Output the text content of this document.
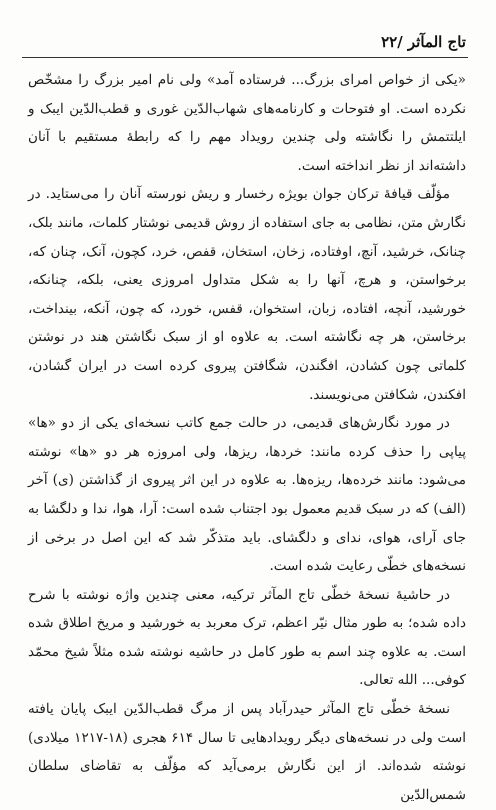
تاج المآثر /۲۲

«یکی از خواص امرای بزرگ... فرستاده آمد» ولی نام امیر بزرگ را مشخّص نکرده است. او فتوحات و کارنامه‌های شهاب‌الدّین غوری و قطب‌الدّین ایبک و ایلتتمش را نگاشته ولی چندین رویداد مهم را که رابطهٔ مستقیم با آنان داشته‌اند از نظر انداخته است.

مؤلّف قیافهٔ ترکان جوان بویژه رخسار و ریش نورسته آنان را می‌ستاید. در نگارش متن، نظامی به جای استفاده از روش قدیمی نوشتار کلمات، مانند بلک، چنانک، خرشید، آنچ، اوفتاده، زخان، استخان، قفص، خرد، کچون، آنک، چنان که، برخواستن، و هرچ، آنها را به شکل متداول امروزی یعنی، بلکه، چنانکه، خورشید، آنچه، افتاده، زبان، استخوان، قفس، خورد، که چون، آنکه، بینداخت، برخاستن، هر چه نگاشته است. به علاوه او از سبک نگاشتن هند در نوشتن کلماتی چون کشادن، افگندن، شگافتن پیروی کرده است در ایران گشادن، افکندن، شکافتن می‌نویسند.

در مورد نگارش‌های قدیمی، در حالت جمع کاتب نسخه‌ای یکی از دو «ها» پیاپی را حذف کرده مانند: خردها، ریزها، ولی امروزه هر دو «ها» نوشته می‌شود: مانند خرده‌ها، ریزه‌ها. به علاوه در این اثر پیروی از گذاشتن (ی) آخر (الف) که در سبک قدیم معمول بود اجتناب شده است: آرا، هوا، ندا و دلگشا به جای آرای، هوای، ندای و دلگشای. باید متذکّر شد که این اصل در برخی از نسخه‌های خطّی رعایت شده است.

در حاشیهٔ نسخهٔ خطّی تاج المآثر ترکیه، معنی چندین واژه نوشته با شرح داده شده؛ به طور مثال نیّر اعظم، ترک معربد به خورشید و مریخ اطلاق شده است. به علاوه چند اسم به طور کامل در حاشیه نوشته شده مثلاً شیخ محمّد کوفی... الله تعالی.

نسخهٔ خطّی تاج المآثر حیدرآباد پس از مرگ قطب‌الدّین ایبک پایان یافته است ولی در نسخه‌های دیگر رویدادهایی تا سال ۶۱۴ هجری (۱۸-۱۲۱۷ میلادی) نوشته شده‌اند. از این نگارش برمی‌آید که مؤلّف به تقاضای سلطان شمس‌الدّین
